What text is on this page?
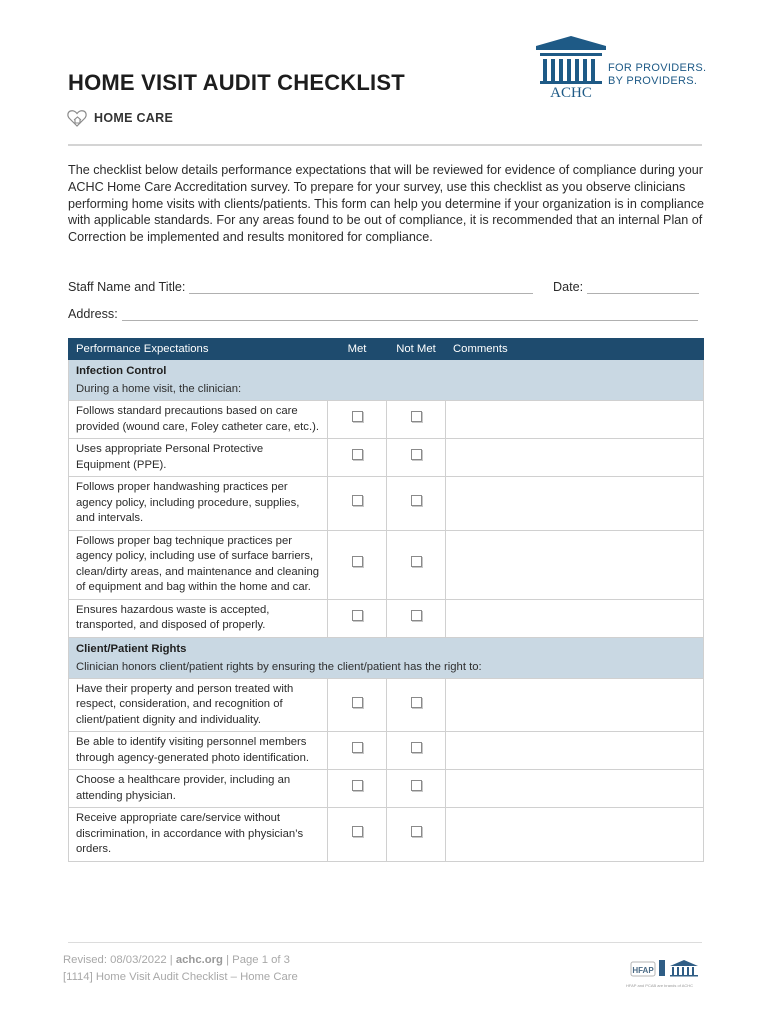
HOME VISIT AUDIT CHECKLIST
HOME CARE
ACHC
FOR PROVIDERS.
BY PROVIDERS.

The checklist below details performance expectations that will be reviewed for evidence of compliance during your ACHC Home Care Accreditation survey. To prepare for your survey, use this checklist as you observe clinicians performing home visits with clients/patients. This form can help you determine if your organization is in compliance with applicable standards. For any areas found to be out of compliance, it is recommended that an internal Plan of Correction be implemented and results monitored for compliance.

Staff Name and Title:	Date:
Address:
Performance Expectations	Met	Not Met	Comments

Infection Control
During a home visit, the clinician:			

Follows standard precautions based on care provided (wound care, Foley catheter care, etc.).			
Uses appropriate Personal Protective Equipment (PPE).			
Follows proper handwashing practices per agency policy, including procedure, supplies, and intervals.			
Follows proper bag technique practices per agency policy, including use of surface barriers, clean/dirty areas, and maintenance and cleaning of equipment and bag within the home and car.			
Ensures hazardous waste is accepted, transported, and disposed of properly.			

Client/Patient Rights
Clinician honors client/patient rights by ensuring the client/patient has the right to:			

Have their property and person treated with respect, consideration, and recognition of client/patient dignity and individuality.			
Be able to identify visiting personnel members through agency-generated photo identification.			
Choose a healthcare provider, including an attending physician.			
Receive appropriate care/service without discrimination, in accordance with physician’s orders.			
Revised: 08/03/2022 | achc.org | Page 1 of 3
[1114] Home Visit Audit Checklist – Home Care
HFAP
HFAP and PCAB are brands of ACHC
